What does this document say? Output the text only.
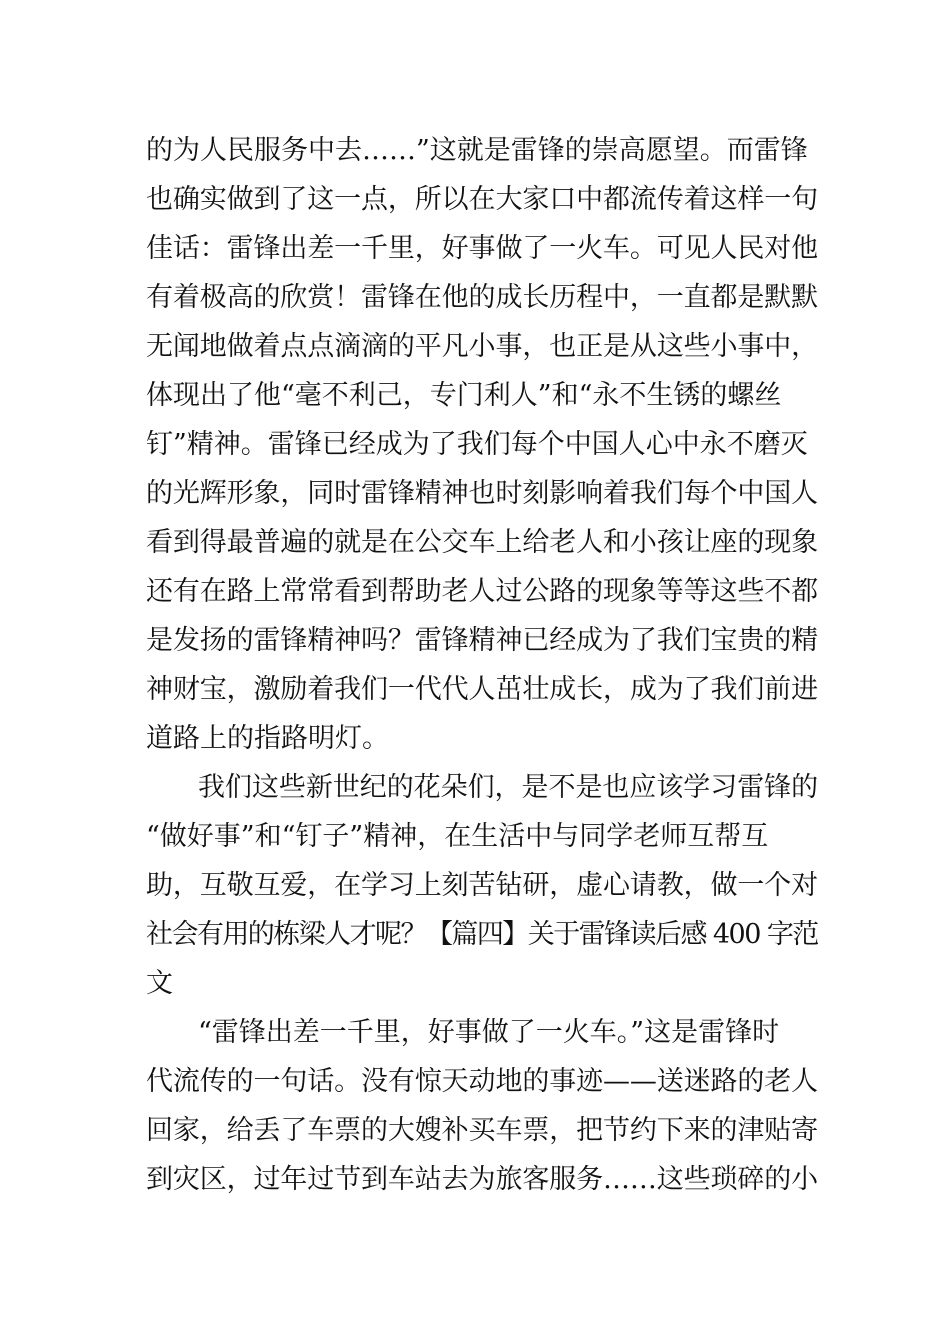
的为人民服务中去……”这就是雷锋的崇高愿望。而雷锋
也确实做到了这一点，所以在大家口中都流传着这样一句
佳话：雷锋出差一千里，好事做了一火车。可见人民对他
有着极高的欣赏！雷锋在他的成长历程中，一直都是默默
无闻地做着点点滴滴的平凡小事，也正是从这些小事中，
体现出了他“毫不利己，专门利人”和“永不生锈的螺丝
钉”精神。雷锋已经成为了我们每个中国人心中永不磨灭
的光辉形象，同时雷锋精神也时刻影响着我们每个中国人
看到得最普遍的就是在公交车上给老人和小孩让座的现象
还有在路上常常看到帮助老人过公路的现象等等这些不都
是发扬的雷锋精神吗？雷锋精神已经成为了我们宝贵的精
神财宝，激励着我们一代代人茁壮成长，成为了我们前进
道路上的指路明灯。
我们这些新世纪的花朵们，是不是也应该学习雷锋的
“做好事”和“钉子”精神，在生活中与同学老师互帮互
助，互敬互爱，在学习上刻苦钻研，虚心请教，做一个对
社会有用的栋梁人才呢？【篇四】关于雷锋读后感 400 字范
文
“雷锋出差一千里，好事做了一火车。”这是雷锋时
代流传的一句话。没有惊天动地的事迹——送迷路的老人
回家，给丢了车票的大嫂补买车票，把节约下来的津贴寄
到灾区，过年过节到车站去为旅客服务……这些琐碎的小
